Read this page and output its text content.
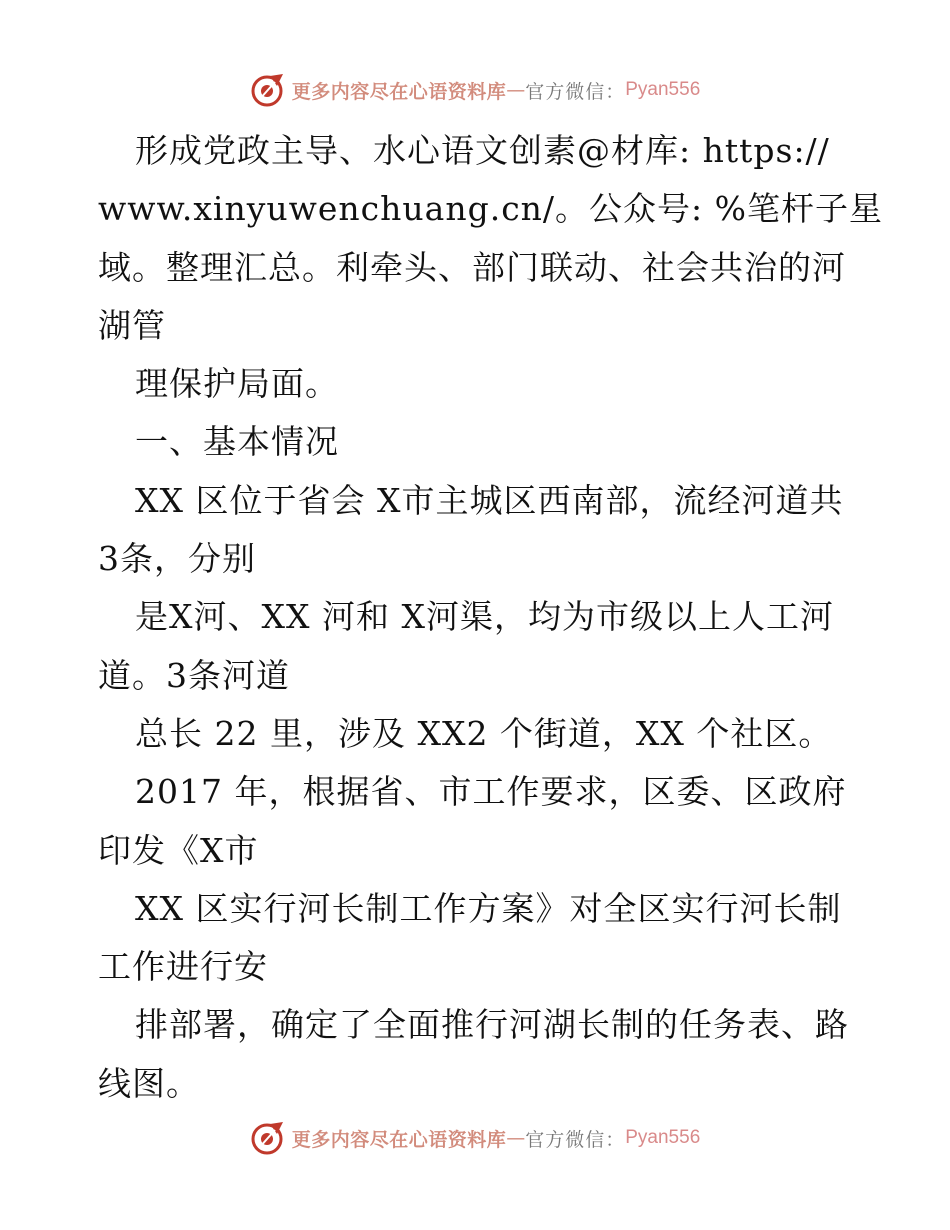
更多内容尽在心语资料库 — 官方微信： Pyan556
形成党政主导、水心语文创素@材库: https://
www.xinyuwenchuang.cn/。公众号: %笔杆子星
域。整理汇总。利牵头、部门联动、社会共治的河
湖管
理保护局面。
一、基本情况
XX 区位于省会 X市主城区西南部，流经河道共
3条，分别
是X河、XX 河和 X河渠，均为市级以上人工河
道。3条河道
总长 22 里，涉及 XX2 个街道，XX 个社区。
2017 年，根据省、市工作要求，区委、区政府
印发《X市
XX 区实行河长制工作方案》对全区实行河长制
工作进行安
排部署，确定了全面推行河湖长制的任务表、路
线图。
更多内容尽在心语资料库 — 官方微信： Pyan556
